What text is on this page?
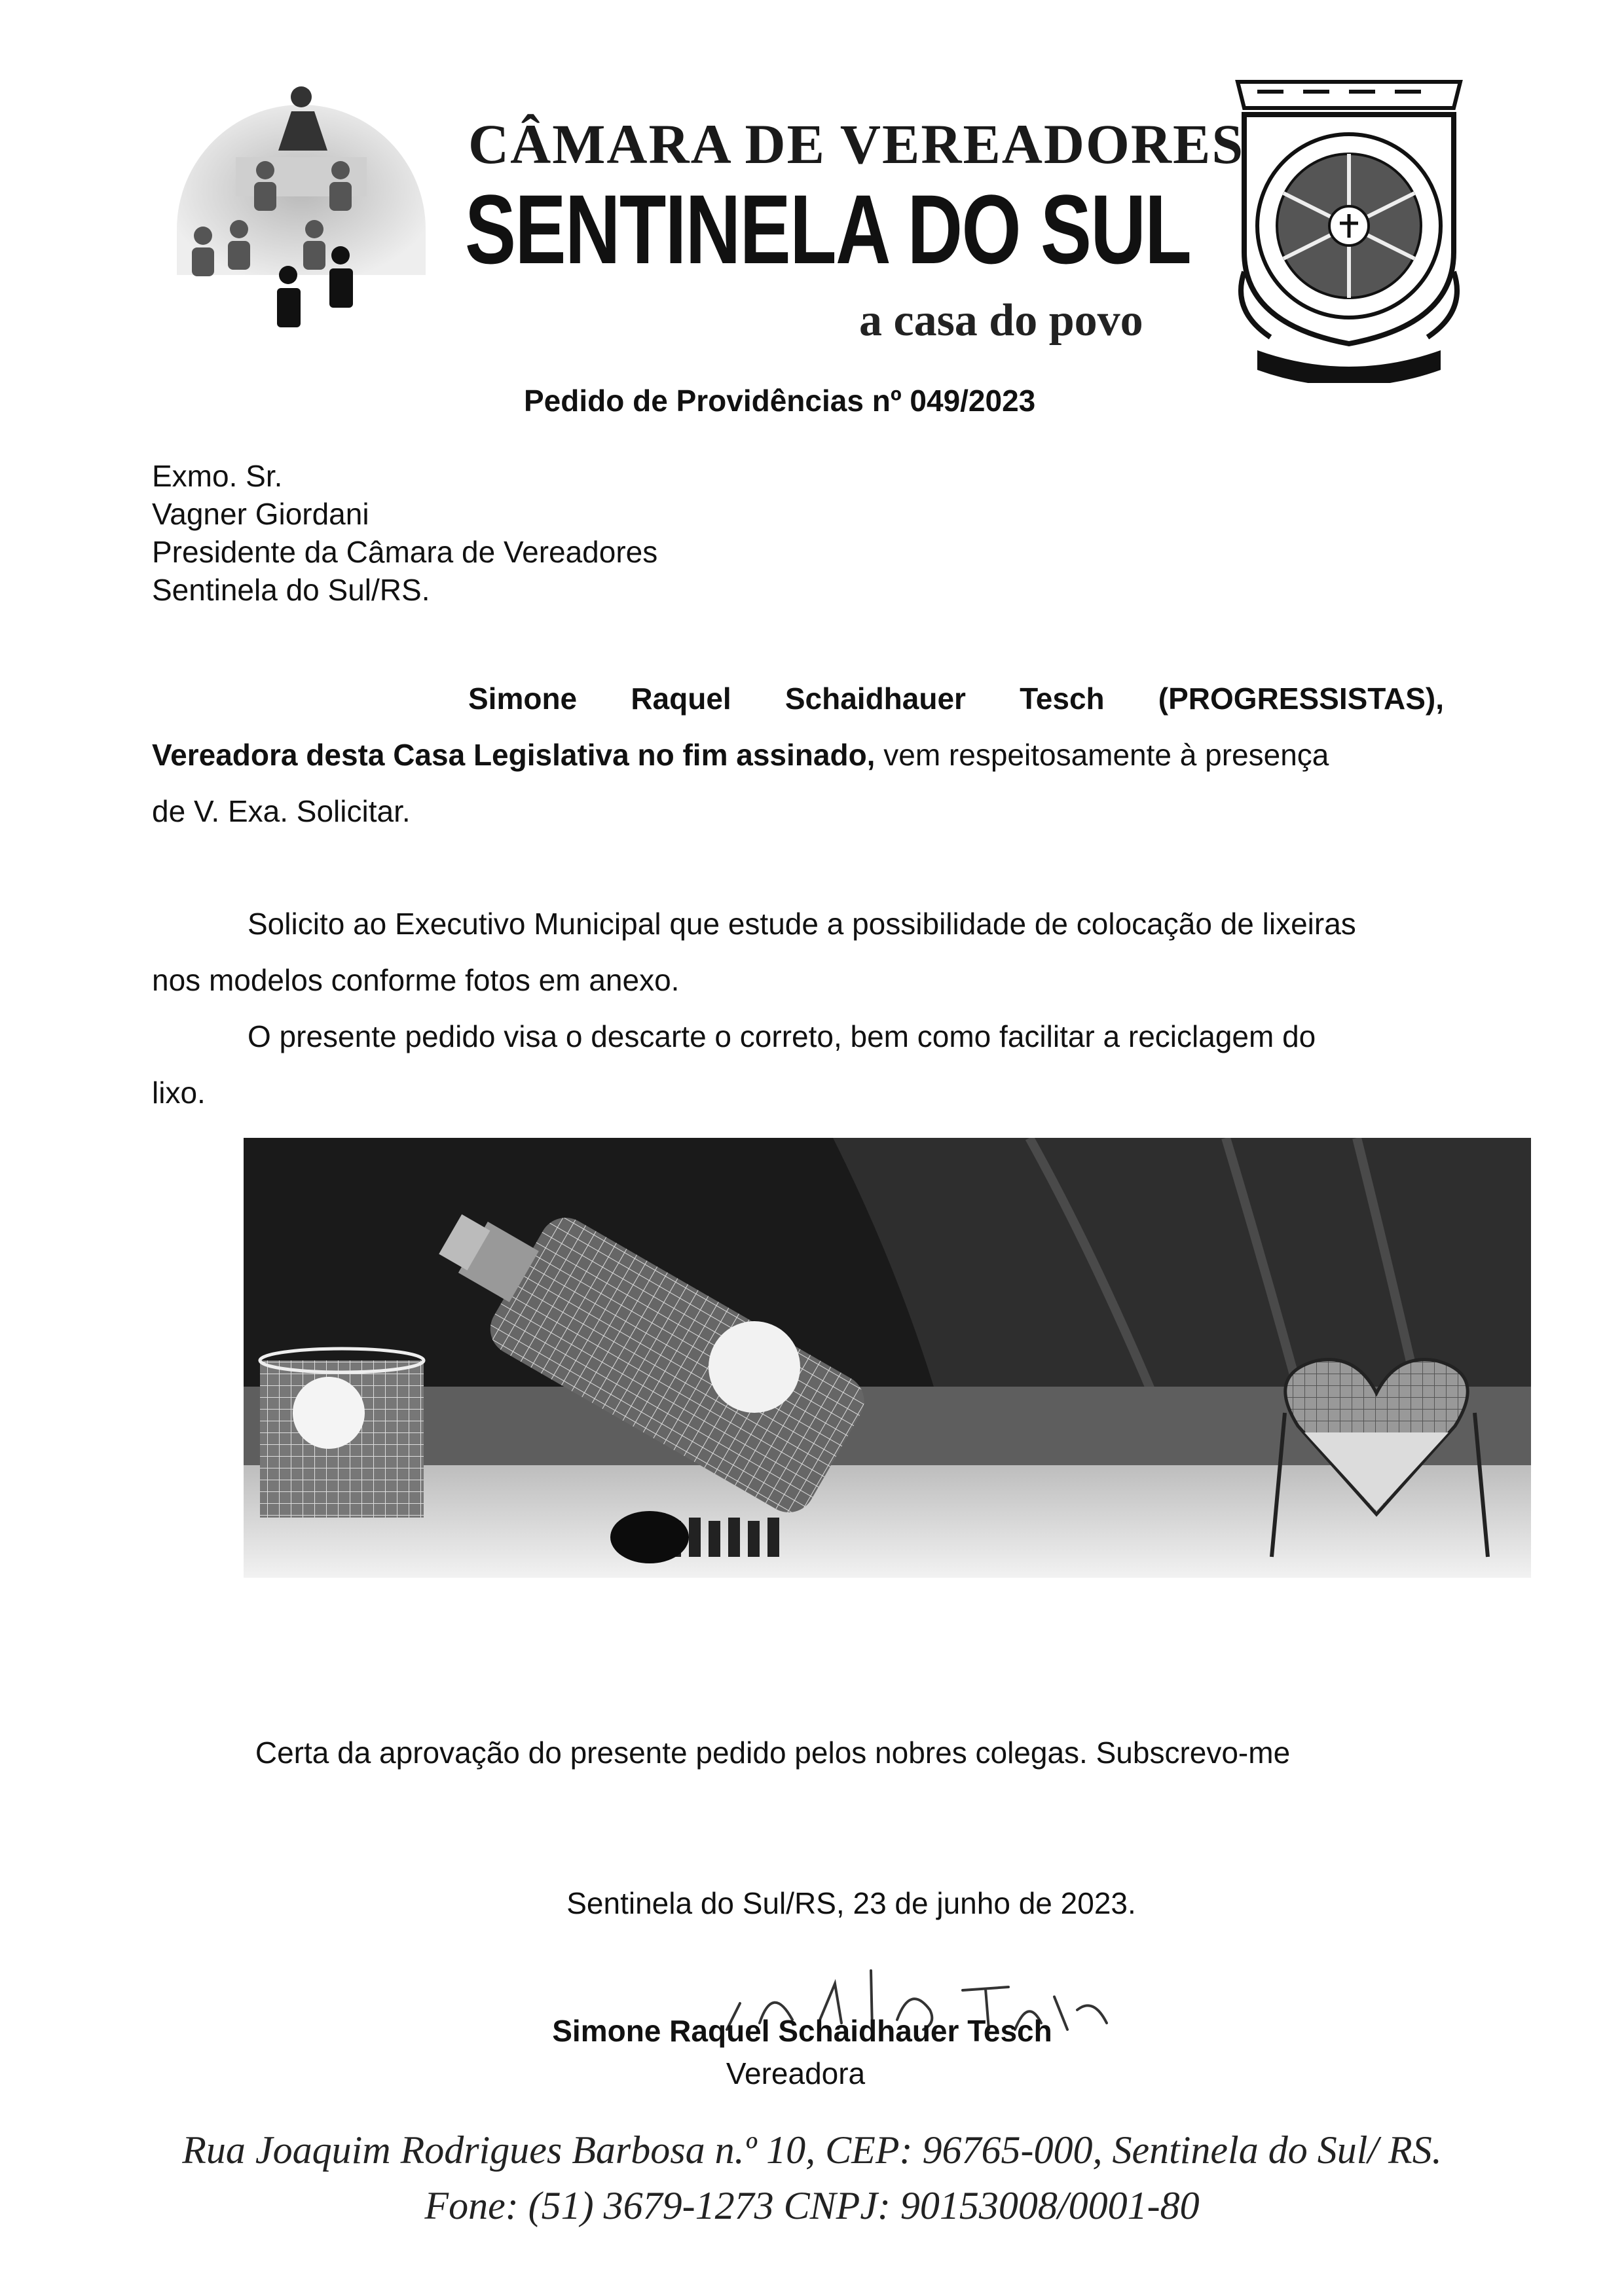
CÂMARA DE VEREADORES
SENTINELA DO SUL
a casa do povo
Pedido de Providências nº 049/2023
Exmo. Sr.
Vagner Giordani
Presidente da Câmara de Vereadores
Sentinela do Sul/RS.
Simone Raquel Schaidhauer Tesch (PROGRESSISTAS),
Vereadora desta Casa Legislativa no fim assinado, vem respeitosamente à presença
de V. Exa. Solicitar.
Solicito ao Executivo Municipal que estude a possibilidade de colocação de lixeiras
nos modelos conforme fotos em anexo.
O presente pedido visa o descarte o correto, bem como facilitar a reciclagem do
lixo.
Certa da aprovação do presente pedido pelos nobres colegas. Subscrevo-me
Sentinela do Sul/RS, 23 de junho de 2023.
Simone Raquel Schaidhauer Tesch
Vereadora
Rua Joaquim Rodrigues Barbosa n.º 10, CEP: 96765-000, Sentinela do Sul/ RS.
Fone: (51) 3679-1273 CNPJ: 90153008/0001-80
